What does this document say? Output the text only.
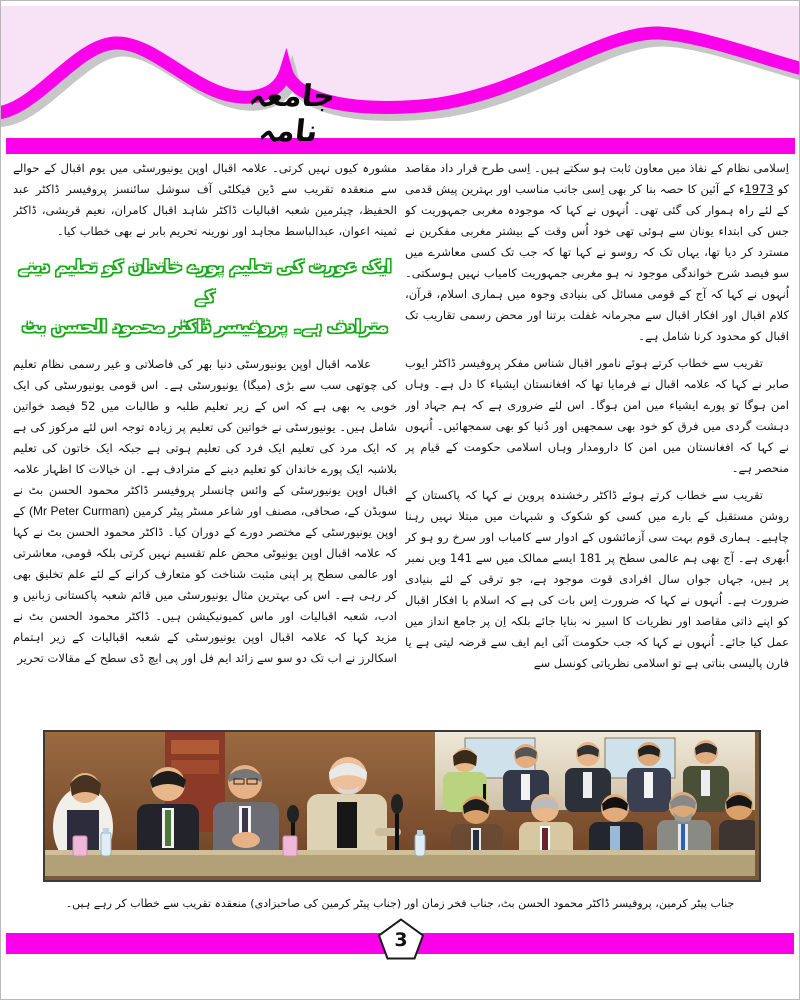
جامعہ نامہ

اِسلامی نظام کے نفاذ میں معاون ثابت ہو سکتے ہیں۔ اِسی طرح قرار داد مقاصد کو 1973ء کے آئین کا حصہ بنا کر بھی اِسی جانب مناسب اور بہترین پیش قدمی کے لئے راہ ہموار کی گئی تھی۔ اُنہوں نے کہا کہ موجودہ مغربی جمہوریت کو جس کی ابتداء یونان سے ہوئی تھی خود اُس وقت کے بیشتر مغربی مفکرین نے مسترد کر دیا تھا، یہاں تک کہ روسو نے کہا تھا کہ جب تک کسی معاشرے میں سو فیصد شرح خواندگی موجود نہ ہو مغربی جمہوریت کامیاب نہیں ہوسکتی۔ اُنہوں نے کہا کہ آج کے قومی مسائل کی بنیادی وجوہ میں ہماری اسلام، قرآن، کلام اقبال اور افکار اقبال سے مجرمانہ غفلت برتنا اور محض رسمی تقاریب تک اقبال کو محدود کرنا شامل ہے۔

تقریب سے خطاب کرتے ہوئے نامور اقبال شناس مفکر پروفیسر ڈاکٹر ایوب صابر نے کہا کہ علامہ اقبال نے فرمایا تھا کہ افغانستان ایشیاء کا دل ہے۔ وہاں امن ہوگا تو پورے ایشیاء میں امن ہوگا۔ اس لئے ضروری ہے کہ ہم جہاد اور دہشت گردی میں فرق کو خود بھی سمجھیں اور دُنیا کو بھی سمجھائیں۔ اُنہوں نے کہا کہ افغانستان میں امن کا دارومدار وہاں اسلامی حکومت کے قیام پر منحصر ہے۔

تقریب سے خطاب کرتے ہوئے ڈاکٹر رخشندہ پروین نے کہا کہ پاکستان کے روشن مستقبل کے بارے میں کسی کو شکوک و شبہات میں مبتلا نہیں رہنا چاہیے۔ ہماری قوم بہت سی آزمائشوں کے ادوار سے کامیاب اور سرخ رو ہو کر اُبھری ہے۔ آج بھی ہم عالمی سطح پر 181 ایسے ممالک میں سے 141 ویں نمبر پر ہیں، جہاں جواں سال افرادی قوت موجود ہے، جو ترقی کے لئے بنیادی ضرورت ہے۔ اُنہوں نے کہا کہ ضرورت اِس بات کی ہے کہ اسلام یا افکار اقبال کو اپنے ذاتی مقاصد اور نظریات کا اسیر نہ بنایا جائے بلکہ اِن پر جامع انداز میں عمل کیا جائے۔ اُنہوں نے کہا کہ جب حکومت آئی ایم ایف سے قرضہ لیتی ہے یا فارن پالیسی بناتی ہے تو اسلامی نظریاتی کونسل سے

مشورہ کیوں نہیں کرتی۔ علامہ اقبال اوپن یونیورسٹی میں یوم اقبال کے حوالے سے منعقدہ تقریب سے ڈین فیکلٹی آف سوشل سائنسز پروفیسر ڈاکٹر عبد الحفیظ، چیئرمین شعبہ اقبالیات ڈاکٹر شاہد اقبال کامران، نعیم قریشی، ڈاکٹر ثمینہ اعوان، عبدالباسط مجاہد اور نورینہ تحریم بابر نے بھی خطاب کیا۔

ایک عورت کی تعلیم پورے خاندان کو تعلیم دینے کے
مترادف ہے۔ پروفیسر ڈاکٹر محمود الحسن بٹ

علامہ اقبال اوپن یونیورسٹی دنیا بھر کی فاصلاتی و غیر رسمی نظام تعلیم کی چوتھی سب سے بڑی (میگا) یونیورسٹی ہے۔ اس قومی یونیورسٹی کی ایک خوبی یہ بھی ہے کہ اس کے زیر تعلیم طلبہ و طالبات میں 52 فیصد خواتین شامل ہیں۔ یونیورسٹی نے خواتین کی تعلیم پر زیادہ توجہ اس لئے مرکوز کی ہے کہ ایک مرد کی تعلیم ایک فرد کی تعلیم ہوتی ہے جبکہ ایک خاتون کی تعلیم بلاشبہ ایک پورے خاندان کو تعلیم دینے کے مترادف ہے۔ ان خیالات کا اظہار علامہ اقبال اوپن یونیورسٹی کے وائس چانسلر پروفیسر ڈاکٹر محمود الحسن بٹ نے سویڈن کے، صحافی، مصنف اور شاعر مسٹر پیٹر کرمین (Mr Peter Curman) کے اوپن یونیورسٹی کے مختصر دورے کے دوران کیا۔ ڈاکٹر محمود الحسن بٹ نے کہا کہ علامہ اقبال اوپن یونیوٹی محض علم تقسیم نہیں کرتی بلکہ قومی، معاشرتی اور عالمی سطح پر اپنی مثبت شناخت کو متعارف کرانے کے لئے علم تخلیق بھی کر رہی ہے۔ اس کی بہترین مثال یونیورسٹی میں قائم شعبہ پاکستانی زبانیں و ادب، شعبہ اقبالیات اور ماس کمیونیکیشن ہیں۔ ڈاکٹر محمود الحسن بٹ نے مزید کہا کہ علامہ اقبال اوپن یونیورسٹی کے شعبہ اقبالیات کے زیر اہتمام اسکالرز نے اب تک دو سو سے زائد ایم فل اور پی ایچ ڈی سطح کے مقالات تحریر

جناب پیٹر کرمین، پروفیسر ڈاکٹر محمود الحسن بٹ، جناب فخر زمان اور (جناب پیٹر کرمین کی صاحبزادی) منعقدہ تقریب سے خطاب کر رہے ہیں۔
3
